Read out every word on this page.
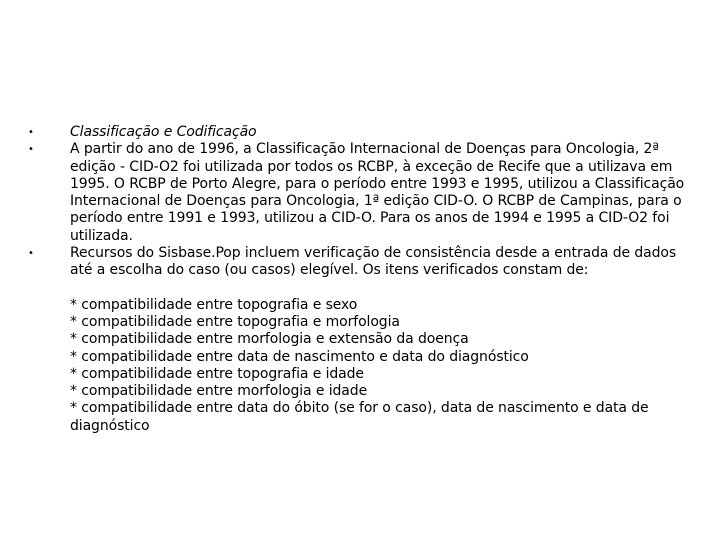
•	Classificação e Codificação
•	A partir do ano de 1996, a Classificação Internacional de Doenças para Oncologia, 2ª edição - CID-O2 foi utilizada por todos os RCBP, à exceção de Recife que a utilizava em 1995. O RCBP de Porto Alegre, para o período entre 1993 e 1995, utilizou a Classificação Internacional de Doenças para Oncologia, 1ª edição CID-O. O RCBP de Campinas, para o período entre 1991 e 1993, utilizou a CID-O. Para os anos de 1994 e 1995 a CID-O2 foi utilizada.
•	Recursos do Sisbase.Pop incluem verificação de consistência desde a entrada de dados até a escolha do caso (ou casos) elegível. Os itens verificados constam de:
* compatibilidade entre topografia e sexo
* compatibilidade entre topografia e morfologia
* compatibilidade entre morfologia e extensão da doença
* compatibilidade entre data de nascimento e data do diagnóstico
* compatibilidade entre topografia e idade
* compatibilidade entre morfologia e idade
* compatibilidade entre data do óbito (se for o caso), data de nascimento e data de diagnóstico
